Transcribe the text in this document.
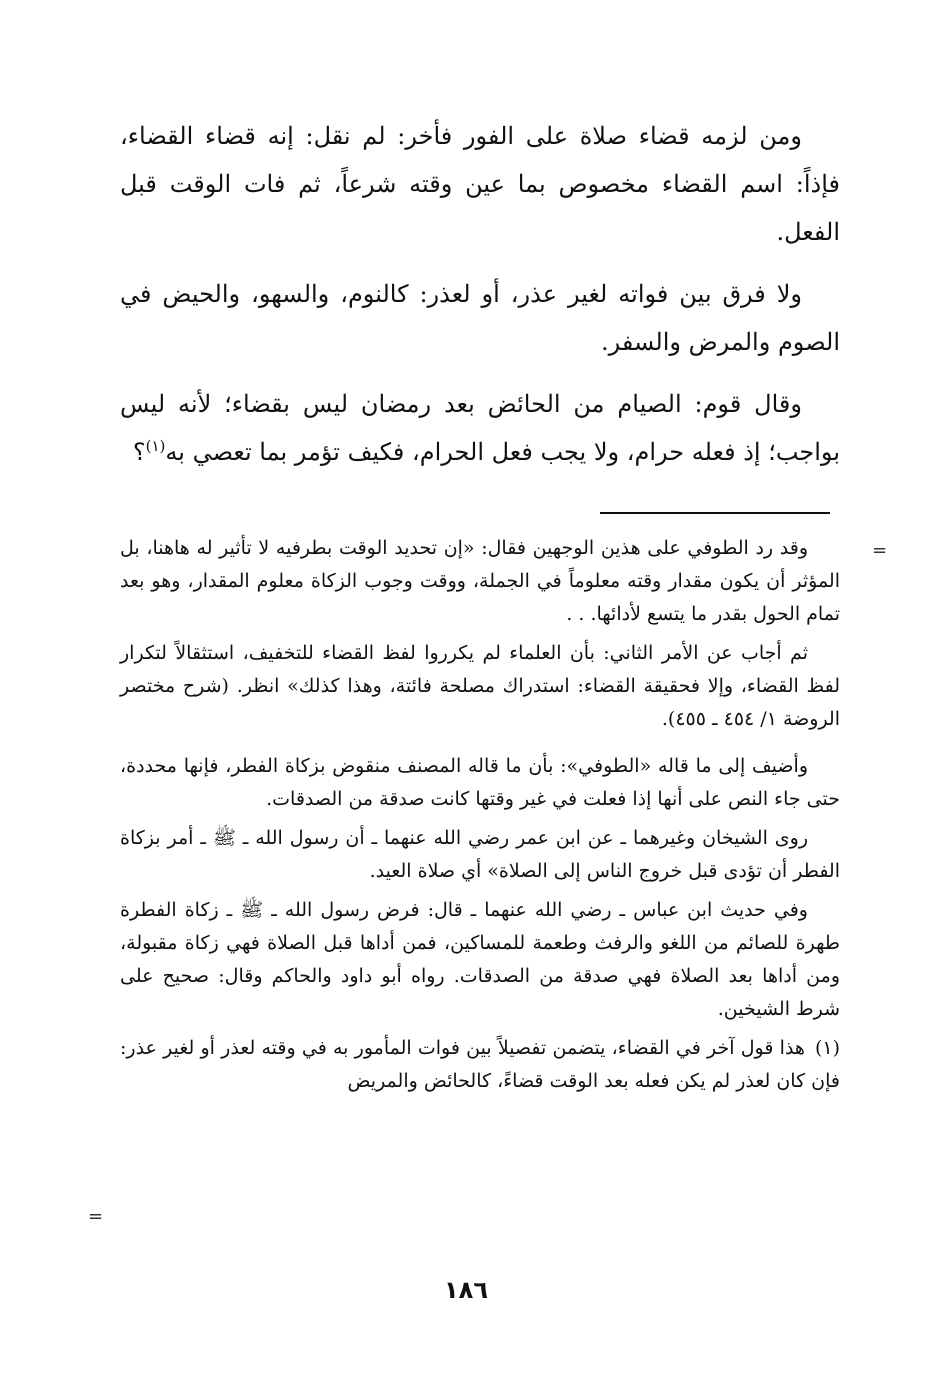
ومن لزمه قضاء صلاة على الفور فأخر: لم نقل: إنه قضاء القضاء، فإذاً: اسم القضاء مخصوص بما عين وقته شرعاً، ثم فات الوقت قبل الفعل.

ولا فرق بين فواته لغير عذر، أو لعذر: كالنوم، والسهو، والحيض في الصوم والمرض والسفر.

وقال قوم: الصيام من الحائض بعد رمضان ليس بقضاء؛ لأنه ليس بواجب؛ إذ فعله حرام، ولا يجب فعل الحرام، فكيف تؤمر بما تعصي به$^{(١)}$؟

=

وقد رد الطوفي على هذين الوجهين فقال: «إن تحديد الوقت بطرفيه لا تأثير له هاهنا، بل المؤثر أن يكون مقدار وقته معلوماً في الجملة، ووقت وجوب الزكاة معلوم المقدار، وهو بعد تمام الحول بقدر ما يتسع لأدائها. . .

ثم أجاب عن الأمر الثاني: بأن العلماء لم يكرروا لفظ القضاء للتخفيف، استثقالاً لتكرار لفظ القضاء، وإلا فحقيقة القضاء: استدراك مصلحة فائتة، وهذا كذلك» انظر. (شرح مختصر الروضة ١/ ٤٥٤ ـ ٤٥٥).

وأضيف إلى ما قاله «الطوفي»: بأن ما قاله المصنف منقوض بزكاة الفطر، فإنها محددة، حتى جاء النص على أنها إذا فعلت في غير وقتها كانت صدقة من الصدقات.

روى الشيخان وغيرهما ـ عن ابن عمر رضي الله عنهما ـ أن رسول الله ـ ﷺ ـ أمر بزكاة الفطر أن تؤدى قبل خروج الناس إلى الصلاة» أي صلاة العيد.

وفي حديث ابن عباس ـ رضي الله عنهما ـ قال: فرض رسول الله ـ ﷺ ـ زكاة الفطرة طهرة للصائم من اللغو والرفث وطعمة للمساكين، فمن أداها قبل الصلاة فهي زكاة مقبولة، ومن أداها بعد الصلاة فهي صدقة من الصدقات. رواه أبو داود والحاكم وقال: صحيح على شرط الشيخين.

(١)هذا قول آخر في القضاء، يتضمن تفصيلاً بين فوات المأمور به في وقته لعذر أو لغير عذر: فإن كان لعذر لم يكن فعله بعد الوقت قضاءً، كالحائض والمريض

=
١٨٦
